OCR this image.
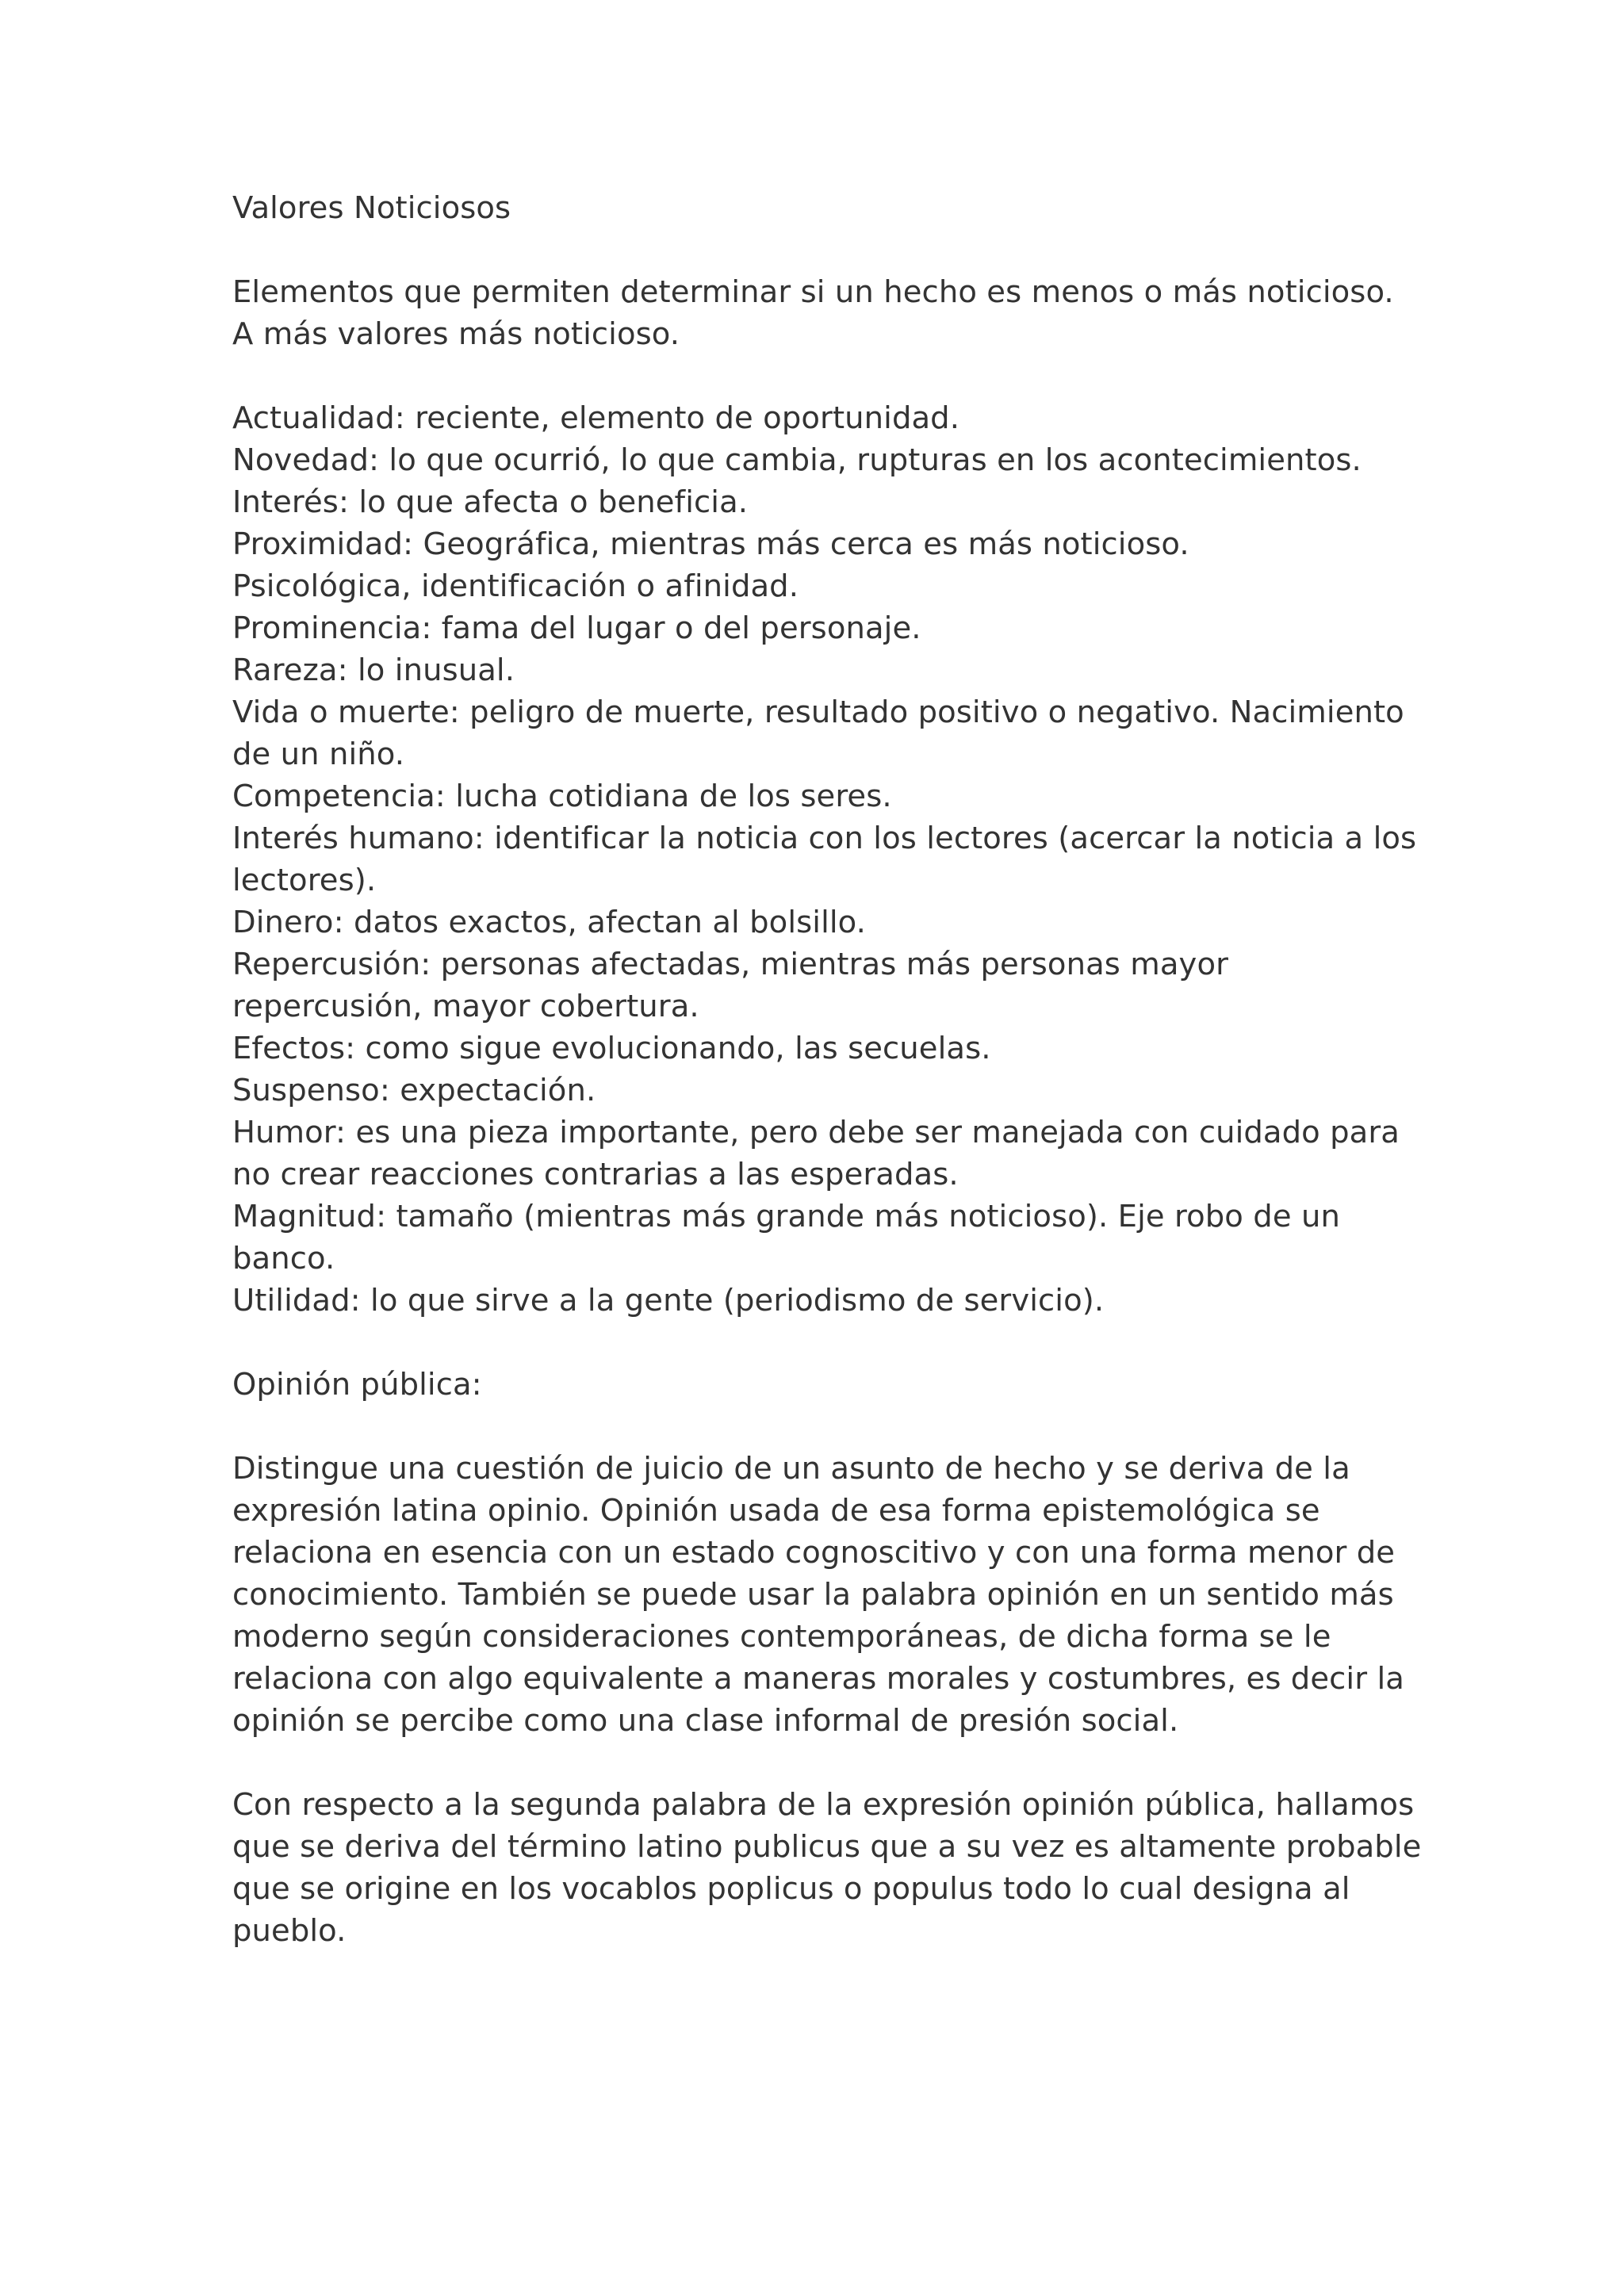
Valores Noticiosos

Elementos que permiten determinar si un hecho es menos o más noticioso. A más valores más noticioso.

Actualidad: reciente, elemento de oportunidad.

Novedad: lo que ocurrió, lo que cambia, rupturas en los acontecimientos.

Interés: lo que afecta o beneficia.

Proximidad: Geográfica, mientras más cerca es más noticioso.

Psicológica, identificación o afinidad.

Prominencia: fama del lugar o del personaje.

Rareza: lo inusual.

Vida o muerte: peligro de muerte, resultado positivo o negativo. Nacimiento de un niño.

Competencia: lucha cotidiana de los seres.

Interés humano: identificar la noticia con los lectores (acercar la noticia a los lectores).

Dinero: datos exactos, afectan al bolsillo.

Repercusión: personas afectadas, mientras más personas mayor repercusión, mayor cobertura.

Efectos: como sigue evolucionando, las secuelas.

Suspenso: expectación.

Humor: es una pieza importante, pero debe ser manejada con cuidado para no crear reacciones contrarias a las esperadas.

Magnitud: tamaño (mientras más grande más noticioso). Eje robo de un banco.

Utilidad: lo que sirve a la gente (periodismo de servicio).

Opinión pública:

Distingue una cuestión de juicio de un asunto de hecho y se deriva de la expresión latina opinio. Opinión usada de esa forma epistemológica se relaciona en esencia con un estado cognoscitivo y con una forma menor de conocimiento. También se puede usar la palabra opinión en un sentido más moderno según consideraciones contemporáneas, de dicha forma se le relaciona con algo equivalente a maneras morales y costumbres, es decir la opinión se percibe como una clase informal de presión social.

Con respecto a la segunda palabra de la expresión opinión pública, hallamos que se deriva del término latino publicus que a su vez es altamente probable que se origine en los vocablos poplicus o populus todo lo cual designa al pueblo.
